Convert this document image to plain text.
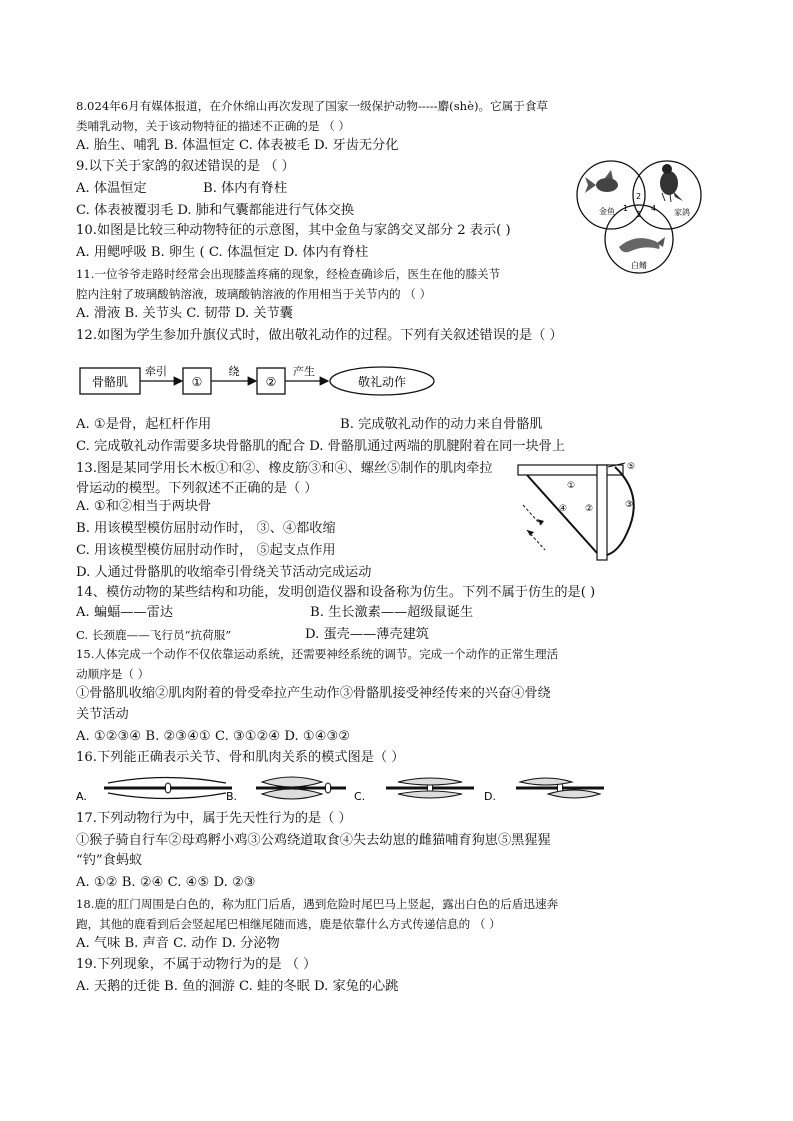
8.024年6月有媒体报道，在介休绵山再次发现了国家一级保护动物-----麝(shè)。它属于食草
类哺乳动物，关于该动物特征的描述不正确的是 （ ）
A. 胎生、哺乳 B. 体温恒定 C. 体表被毛 D. 牙齿无分化
9.以下关于家鸽的叙述错误的是 （ ）
A. 体温恒定	B. 体内有脊柱
C. 体表被覆羽毛 D. 肺和气囊都能进行气体交换
10.如图是比较三种动物特征的示意图，其中金鱼与家鸽交叉部分 2 表示( )
A. 用鳃呼吸 B. 卵生 ( C. 体温恒定 D. 体内有脊柱
金鱼	家鸽
白鳍
2
1
3
4
11.一位爷爷走路时经常会出现膝盖疼痛的现象，经检查确诊后，医生在他的膝关节
腔内注射了玻璃酸钠溶液，玻璃酸钠溶液的作用相当于关节内的 （ ）
A. 滑液 B. 关节头 C. 韧带 D. 关节囊
12.如图为学生参加升旗仪式时，做出敬礼动作的过程。下列有关叙述错误的是（ ）
骨骼肌
牵引
①
绕
②
产生
敬礼动作
A. ①是骨，起杠杆作用	B. 完成敬礼动作的动力来自骨骼肌
C. 完成敬礼动作需要多块骨骼肌的配合 D. 骨骼肌通过两端的肌腱附着在同一块骨上
13.图是某同学用长木板①和②、橡皮筋③和④、螺丝⑤制作的肌肉牵拉
骨运动的模型。下列叙述不正确的是（ ）
A. ①和②相当于两块骨
B. 用该模型模仿屈肘动作时， ③、④都收缩
C. 用该模型模仿屈肘动作时， ⑤起支点作用
D. 人通过骨骼肌的收缩牵引骨绕关节活动完成运动
①
②
④	③
⑤
14、模仿动物的某些结构和功能，发明创造仪器和设备称为仿生。下列不属于仿生的是( )
A. 蝙蝠——雷达	B. 生长激素——超级鼠诞生
C. 长颈鹿——飞行员“抗荷服”	D. 蛋壳——薄壳建筑
15.人体完成一个动作不仅依靠运动系统，还需要神经系统的调节。完成一个动作的正常生理活
动顺序是（ ）
①骨骼肌收缩②肌肉附着的骨受牵拉产生动作③骨骼肌接受神经传来的兴奋④骨绕
关节活动
A. ①②③④ B. ②③④① C. ③①②④ D. ①④③②
16.下列能正确表示关节、骨和肌肉关系的模式图是（ ）
A.	B.	C.	D.
17.下列动物行为中，属于先天性行为的是（ ）
①猴子骑自行车②母鸡孵小鸡③公鸡绕道取食④失去幼崽的雌猫哺育狗崽⑤黑猩猩
“钓”食蚂蚁
A. ①② B. ②④ C. ④⑤ D. ②③
18.鹿的肛门周围是白色的，称为肛门后盾，遇到危险时尾巴马上竖起，露出白色的后盾迅速奔
跑，其他的鹿看到后会竖起尾巴相继尾随而逃，鹿是依靠什么方式传递信息的 （ ）
A. 气味 B. 声音 C. 动作 D. 分泌物
19.下列现象，不属于动物行为的是 （ ）
A. 天鹅的迁徙 B. 鱼的洄游 C. 蛙的冬眠 D. 家兔的心跳
